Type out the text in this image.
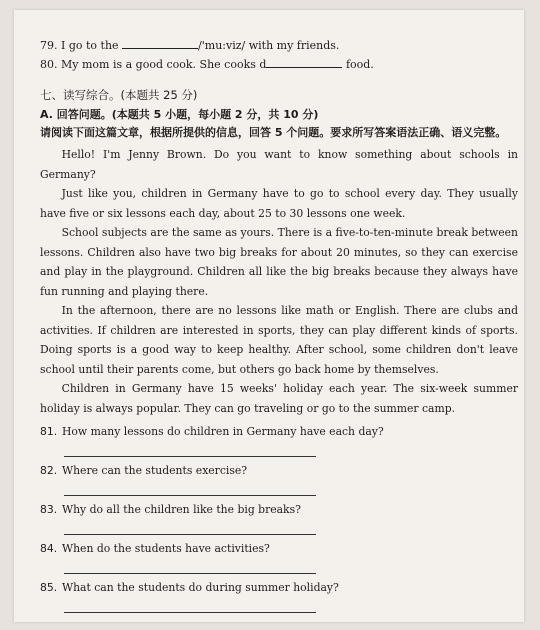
79. I go to the	/'mu:viz/ with my friends.
80. My mom is a good cook. She cooks d	food.
七、读写综合。(本题共 25 分)
A. 回答问题。(本题共 5 小题，每小题 2 分，共 10 分)
请阅读下面这篇文章，根据所提供的信息，回答 5 个问题。要求所写答案语法正确、语义完整。

Hello! I'm Jenny Brown. Do you want to know something about schools in Germany?

Just like you, children in Germany have to go to school every day. They usually have five or six lessons each day, about 25 to 30 lessons one week.

School subjects are the same as yours. There is a five-to-ten-minute break between lessons. Children also have two big breaks for about 20 minutes, so they can exercise and play in the playground. Children all like the big breaks because they always have fun running and playing there.

In the afternoon, there are no lessons like math or English. There are clubs and activities. If children are interested in sports, they can play different kinds of sports. Doing sports is a good way to keep healthy. After school, some children don't leave school until their parents come, but others go back home by themselves.

Children in Germany have 15 weeks' holiday each year. The six-week summer holiday is always popular. They can go traveling or go to the summer camp.

81. How many lessons do children in Germany have each day?
82. Where can the students exercise?
83. Why do all the children like the big breaks?
84. When do the students have activities?
85. What can the students do during summer holiday?
